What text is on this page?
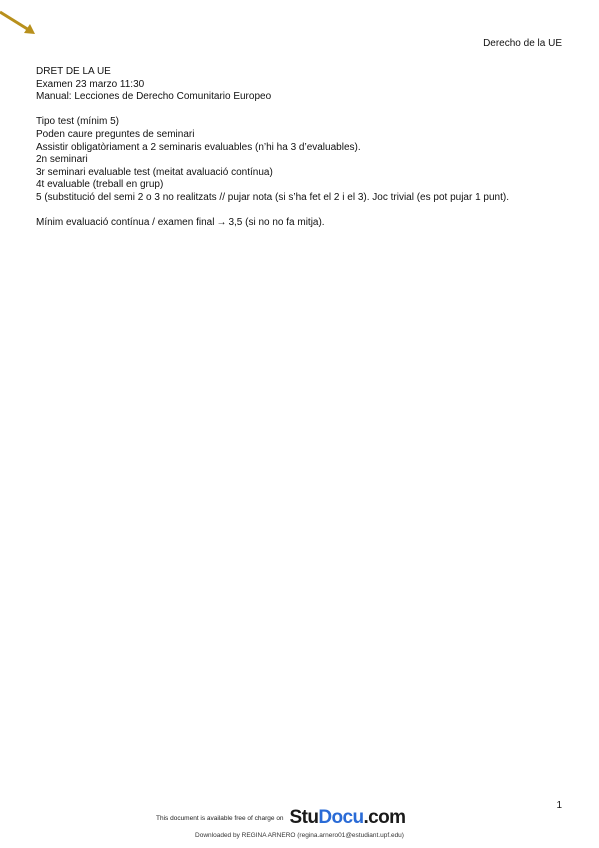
Derecho de la UE
DRET DE LA UE
Examen 23 marzo 11:30
Manual: Lecciones de Derecho Comunitario Europeo
Tipo test (mínim 5)
Poden caure preguntes de seminari
Assistir obligatòriament a 2 seminaris evaluables (n’hi ha 3 d’evaluables).
2n seminari
3r seminari evaluable test (meitat avaluació contínua)
4t evaluable (treball en grup)
5 (substitució del semi 2 o 3 no realitzats // pujar nota (si s’ha fet el 2 i el 3). Joc trivial (es pot pujar 1 punt).
Mínim evaluació contínua / examen final → 3,5 (si no no fa mitja).
1
This document is available free of charge on StuDocu.com
Downloaded by REGINA ARNERO (regina.arnero01@estudiant.upf.edu)
